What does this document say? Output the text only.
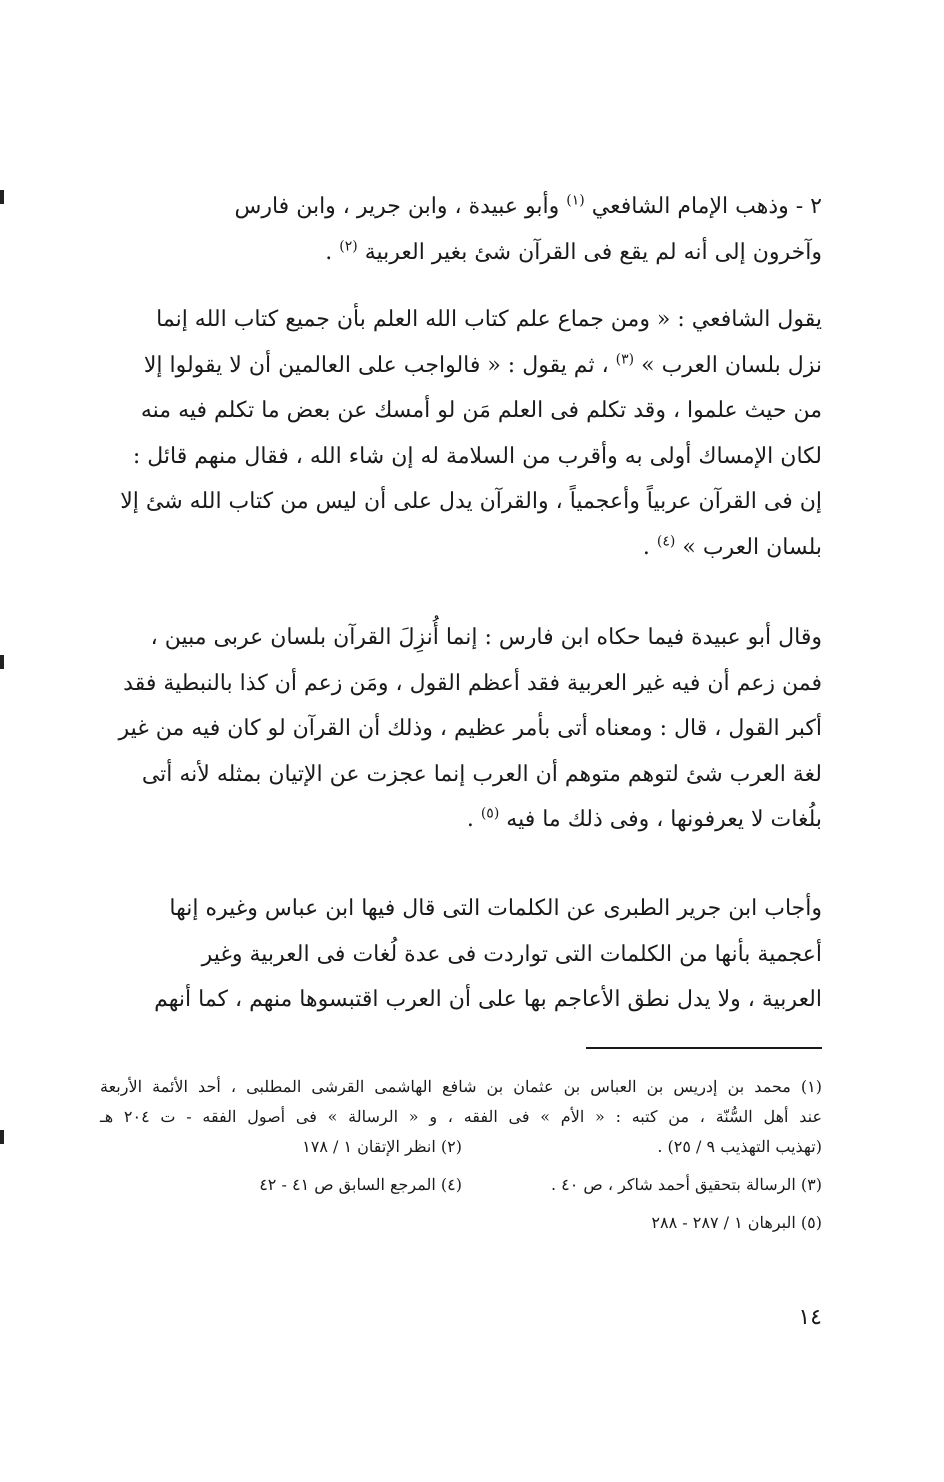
٢ - وذهب الإمام الشافعي $^{(١)}$ وأبو عبيدة ، وابن جرير ، وابن فارس
وآخرون إلى أنه لم يقع فى القرآن شئ بغير العربية $^{(٢)}$ .
يقول الشافعي : « ومن جماع علم كتاب الله العلم بأن جميع كتاب الله إنما
نزل بلسان العرب » $^{(٣)}$ ، ثم يقول : « فالواجب على العالمين أن لا يقولوا إلا
من حيث علموا ، وقد تكلم فى العلم مَن لو أمسك عن بعض ما تكلم فيه منه
لكان الإمساك أولى به وأقرب من السلامة له إن شاء الله ، فقال منهم قائل :
إن فى القرآن عربياً وأعجمياً ، والقرآن يدل على أن ليس من كتاب الله شئ إلا
بلسان العرب » $^{(٤)}$ .
وقال أبو عبيدة فيما حكاه ابن فارس : إنما أُنزِلَ القرآن بلسان عربى مبين ،
فمن زعم أن فيه غير العربية فقد أعظم القول ، ومَن زعم أن كذا بالنبطية فقد
أكبر القول ، قال : ومعناه أتى بأمر عظيم ، وذلك أن القرآن لو كان فيه من غير
لغة العرب شئ لتوهم متوهم أن العرب إنما عجزت عن الإتيان بمثله لأنه أتى
بلُغات لا يعرفونها ، وفى ذلك ما فيه $^{(٥)}$ .
وأجاب ابن جرير الطبرى عن الكلمات التى قال فيها ابن عباس وغيره إنها
أعجمية بأنها من الكلمات التى تواردت فى عدة لُغات فى العربية وغير
العربية ، ولا يدل نطق الأعاجم بها على أن العرب اقتبسوها منهم ، كما أنهم
(١) محمد بن إدريس بن العباس بن عثمان بن شافع الهاشمى القرشى المطلبى ، أحد الأئمة الأربعة
عند أهل السُّنّة ، من كتبه : « الأم » فى الفقه ، و « الرسالة » فى أصول الفقه - ت ٢٠٤ هـ
(تهذيب التهذيب ٩ / ٢٥) .
(٢) انظر الإتقان ١ / ١٧٨
(٣) الرسالة بتحقيق أحمد شاكر ، ص ٤٠ .
(٤) المرجع السابق ص ٤١ - ٤٢
(٥) البرهان ١ / ٢٨٧ - ٢٨٨
١٤
